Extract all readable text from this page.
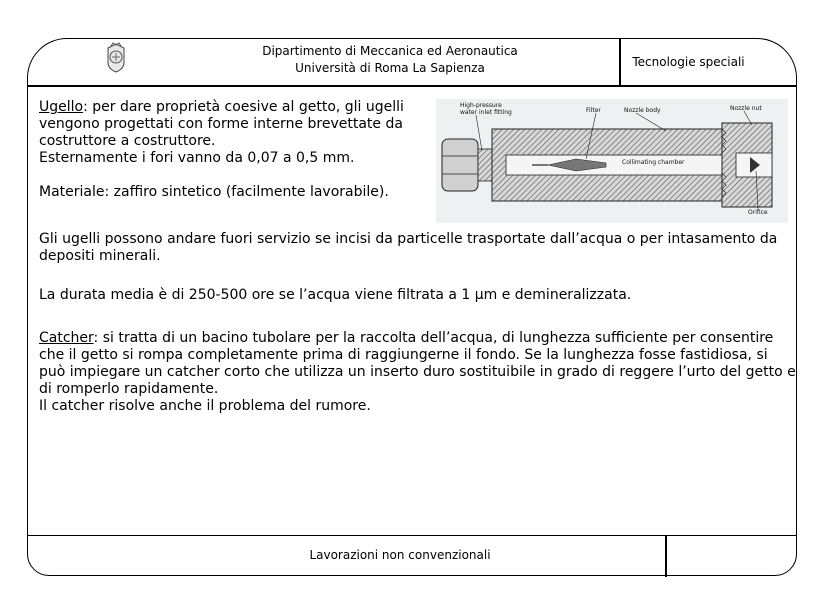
Dipartimento di Meccanica ed Aeronautica
Università di Roma La Sapienza	Tecnologie speciali
Ugello: per dare proprietà coesive al getto, gli ugelli
vengono progettati con forme interne brevettate da
costruttore a costruttore.
Esternamente i fori vanno da 0,07 a 0,5 mm.
Materiale: zaffiro sintetico (facilmente lavorabile).
High-pressure water inlet fitting	Filter	Nozzle body	Nozzle nut
Collimating chamber
Orifice
Gli ugelli possono andare fuori servizio se incisi da particelle trasportate dall’acqua o per intasamento da
depositi minerali.
La durata media è di 250-500 ore se l’acqua viene filtrata a 1 μm e demineralizzata.
Catcher: si tratta di un bacino tubolare per la raccolta dell’acqua, di lunghezza sufficiente per consentire
che il getto si rompa completamente prima di raggiungerne il fondo. Se la lunghezza fosse fastidiosa, si
può impiegare un catcher corto che utilizza un inserto duro sostituibile in grado di reggere l’urto del getto e
di romperlo rapidamente.
Il catcher risolve anche il problema del rumore.
Lavorazioni non convenzionali
